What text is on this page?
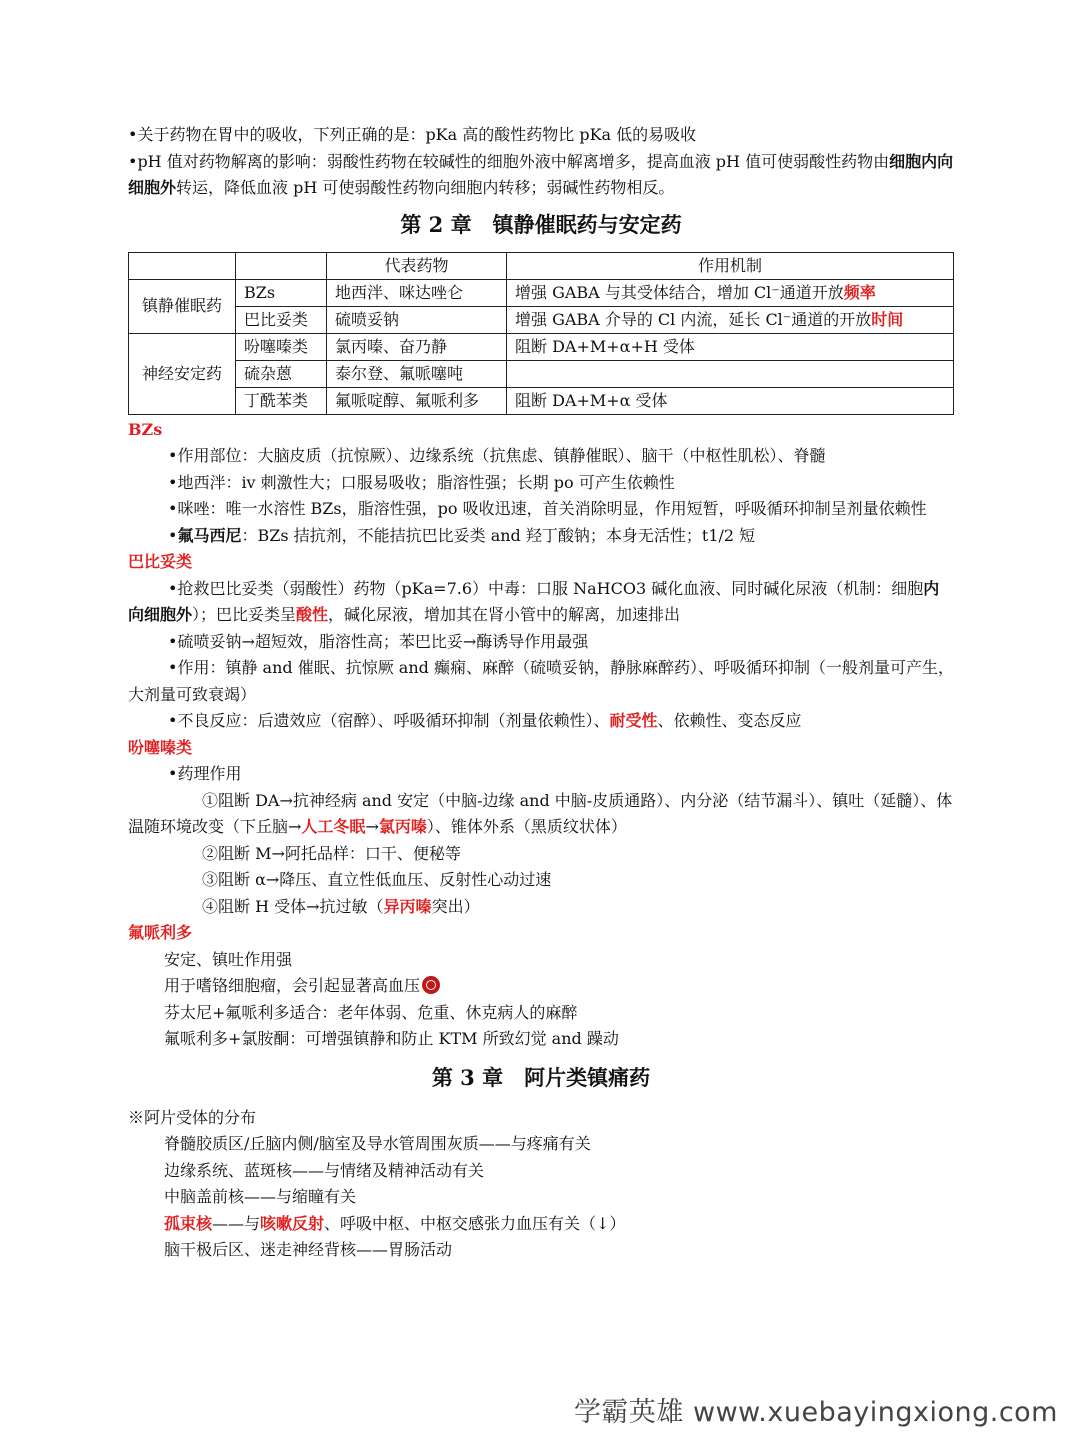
•关于药物在胃中的吸收，下列正确的是：pKa 高的酸性药物比 pKa 低的易吸收

•pH 值对药物解离的影响：弱酸性药物在较碱性的细胞外液中解离增多，提高血液 pH 值可使弱酸性药物由细胞内向细胞外转运，降低血液 pH 可使弱酸性药物向细胞内转移；弱碱性药物相反。

第 2 章　镇静催眠药与安定药
		代表药物	作用机制
镇静催眠药	BZs	地西泮、咪达唑仑	增强 GABA 与其受体结合，增加 Cl⁻通道开放频率
	巴比妥类	硫喷妥钠	增强 GABA 介导的 Cl 内流，延长 Cl⁻通道的开放时间
神经安定药	吩噻嗪类	氯丙嗪、奋乃静	阻断 DA+M+α+H 受体
	硫杂蒽	泰尔登、氟哌噻吨	
	丁酰苯类	氟哌啶醇、氟哌利多	阻断 DA+M+α 受体
BZs

•作用部位：大脑皮质（抗惊厥）、边缘系统（抗焦虑、镇静催眠）、脑干（中枢性肌松）、脊髓

•地西泮：iv 刺激性大；口服易吸收；脂溶性强；长期 po 可产生依赖性

•咪唑：唯一水溶性 BZs，脂溶性强，po 吸收迅速，首关消除明显，作用短暂，呼吸循环抑制呈剂量依赖性

•氟马西尼：BZs 拮抗剂，不能拮抗巴比妥类 and 羟丁酸钠；本身无活性；t1/2 短

巴比妥类

•抢救巴比妥类（弱酸性）药物（pKa=7.6）中毒：口服 NaHCO3 碱化血液、同时碱化尿液（机制：细胞内向细胞外）；巴比妥类呈酸性，碱化尿液，增加其在肾小管中的解离，加速排出

•硫喷妥钠→超短效，脂溶性高；苯巴比妥→酶诱导作用最强

•作用：镇静 and 催眠、抗惊厥 and 癫痫、麻醉（硫喷妥钠，静脉麻醉药）、呼吸循环抑制（一般剂量可产生，大剂量可致衰竭）

•不良反应：后遗效应（宿醉）、呼吸循环抑制（剂量依赖性）、耐受性、依赖性、变态反应

吩噻嗪类

•药理作用

①阻断 DA→抗神经病 and 安定（中脑-边缘 and 中脑-皮质通路）、内分泌（结节漏斗）、镇吐（延髓）、体温随环境改变（下丘脑→人工冬眠→氯丙嗪）、锥体外系（黑质纹状体）

②阻断 M→阿托品样：口干、便秘等

③阻断 α→降压、直立性低血压、反射性心动过速

④阻断 H 受体→抗过敏（异丙嗪突出）

氟哌利多

安定、镇吐作用强

用于嗜铬细胞瘤，会引起显著高血压

芬太尼+氟哌利多适合：老年体弱、危重、休克病人的麻醉

氟哌利多+氯胺酮：可增强镇静和防止 KTM 所致幻觉 and 躁动

第 3 章　阿片类镇痛药

※阿片受体的分布

脊髓胶质区/丘脑内侧/脑室及导水管周围灰质——与疼痛有关

边缘系统、蓝斑核——与情绪及精神活动有关

中脑盖前核——与缩瞳有关

孤束核——与咳嗽反射、呼吸中枢、中枢交感张力血压有关（↓）

脑干极后区、迷走神经背核——胃肠活动

学霸英雄 www.xuebayingxiong.com
